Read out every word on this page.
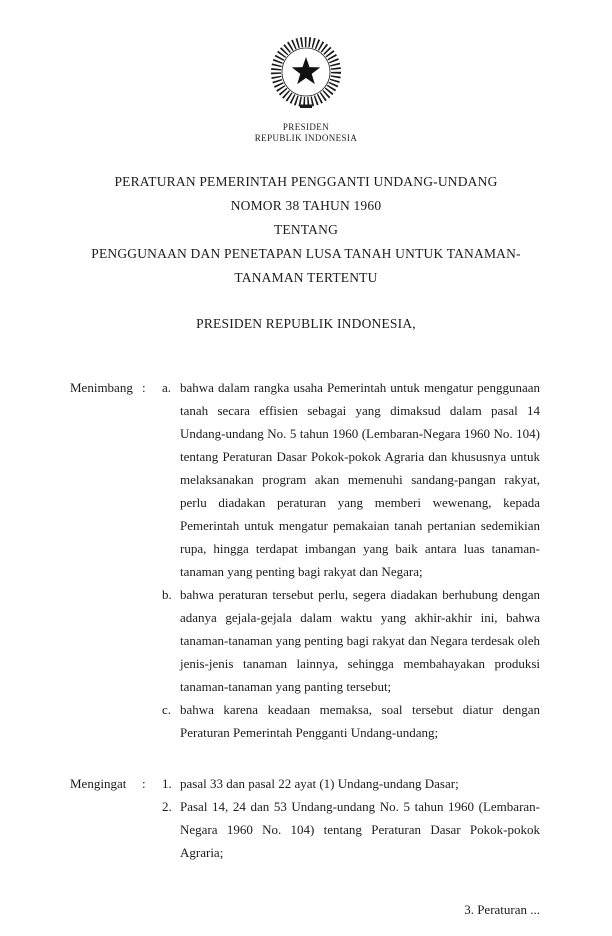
PRESIDEN
REPUBLIK INDONESIA
PERATURAN PEMERINTAH PENGGANTI UNDANG-UNDANG
NOMOR 38 TAHUN 1960
TENTANG
PENGGUNAAN DAN PENETAPAN LUSA TANAH UNTUK TANAMAN-
TANAMAN TERTENTU
PRESIDEN REPUBLIK INDONESIA,
Menimbang :	a. bahwa dalam rangka usaha Pemerintah untuk mengatur penggunaan tanah secara effisien sebagai yang dimaksud dalam pasal 14 Undang-undang No. 5 tahun 1960 (Lembaran-Negara 1960 No. 104) tentang Peraturan Dasar Pokok-pokok Agraria dan khususnya untuk melaksanakan program akan memenuhi sandang-pangan rakyat, perlu diadakan peraturan yang memberi wewenang, kepada Pemerintah untuk mengatur pemakaian tanah pertanian sedemikian rupa, hingga terdapat imbangan yang baik antara luas tanaman-tanaman yang penting bagi rakyat dan Negara;
b. bahwa peraturan tersebut perlu, segera diadakan berhubung dengan adanya gejala-gejala dalam waktu yang akhir-akhir ini, bahwa tanaman-tanaman yang penting bagi rakyat dan Negara terdesak oleh jenis-jenis tanaman lainnya, sehingga membahayakan produksi tanaman-tanaman yang panting tersebut;
c. bahwa karena keadaan memaksa, soal tersebut diatur dengan Peraturan Pemerintah Pengganti Undang-undang;
Mengingat	:	1. pasal 33 dan pasal 22 ayat (1) Undang-undang Dasar;
2. Pasal 14, 24 dan 53 Undang-undang No. 5 tahun 1960 (Lembaran-Negara 1960 No. 104) tentang Peraturan Dasar Pokok-pokok Agraria;
3. Peraturan ...
